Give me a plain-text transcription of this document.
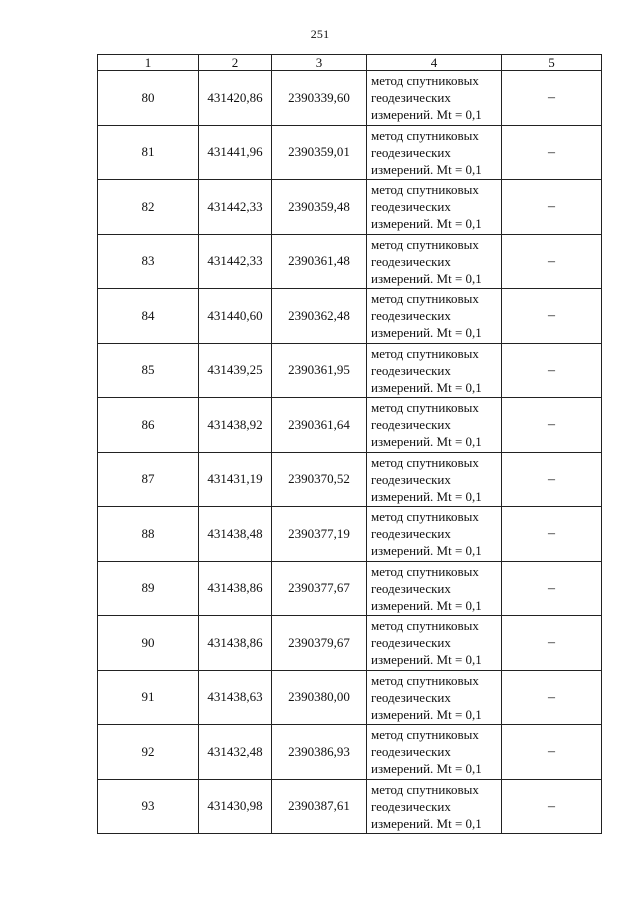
251
1	2	3	4	5
80	431420,86	2390339,60	метод спутниковых
геодезических
измерений. Mt = 0,1	–
81	431441,96	2390359,01	метод спутниковых
геодезических
измерений. Mt = 0,1	–
82	431442,33	2390359,48	метод спутниковых
геодезических
измерений. Mt = 0,1	–
83	431442,33	2390361,48	метод спутниковых
геодезических
измерений. Mt = 0,1	–
84	431440,60	2390362,48	метод спутниковых
геодезических
измерений. Mt = 0,1	–
85	431439,25	2390361,95	метод спутниковых
геодезических
измерений. Mt = 0,1	–
86	431438,92	2390361,64	метод спутниковых
геодезических
измерений. Mt = 0,1	–
87	431431,19	2390370,52	метод спутниковых
геодезических
измерений. Mt = 0,1	–
88	431438,48	2390377,19	метод спутниковых
геодезических
измерений. Mt = 0,1	–
89	431438,86	2390377,67	метод спутниковых
геодезических
измерений. Mt = 0,1	–
90	431438,86	2390379,67	метод спутниковых
геодезических
измерений. Mt = 0,1	–
91	431438,63	2390380,00	метод спутниковых
геодезических
измерений. Mt = 0,1	–
92	431432,48	2390386,93	метод спутниковых
геодезических
измерений. Mt = 0,1	–
93	431430,98	2390387,61	метод спутниковых
геодезических
измерений. Mt = 0,1	–
